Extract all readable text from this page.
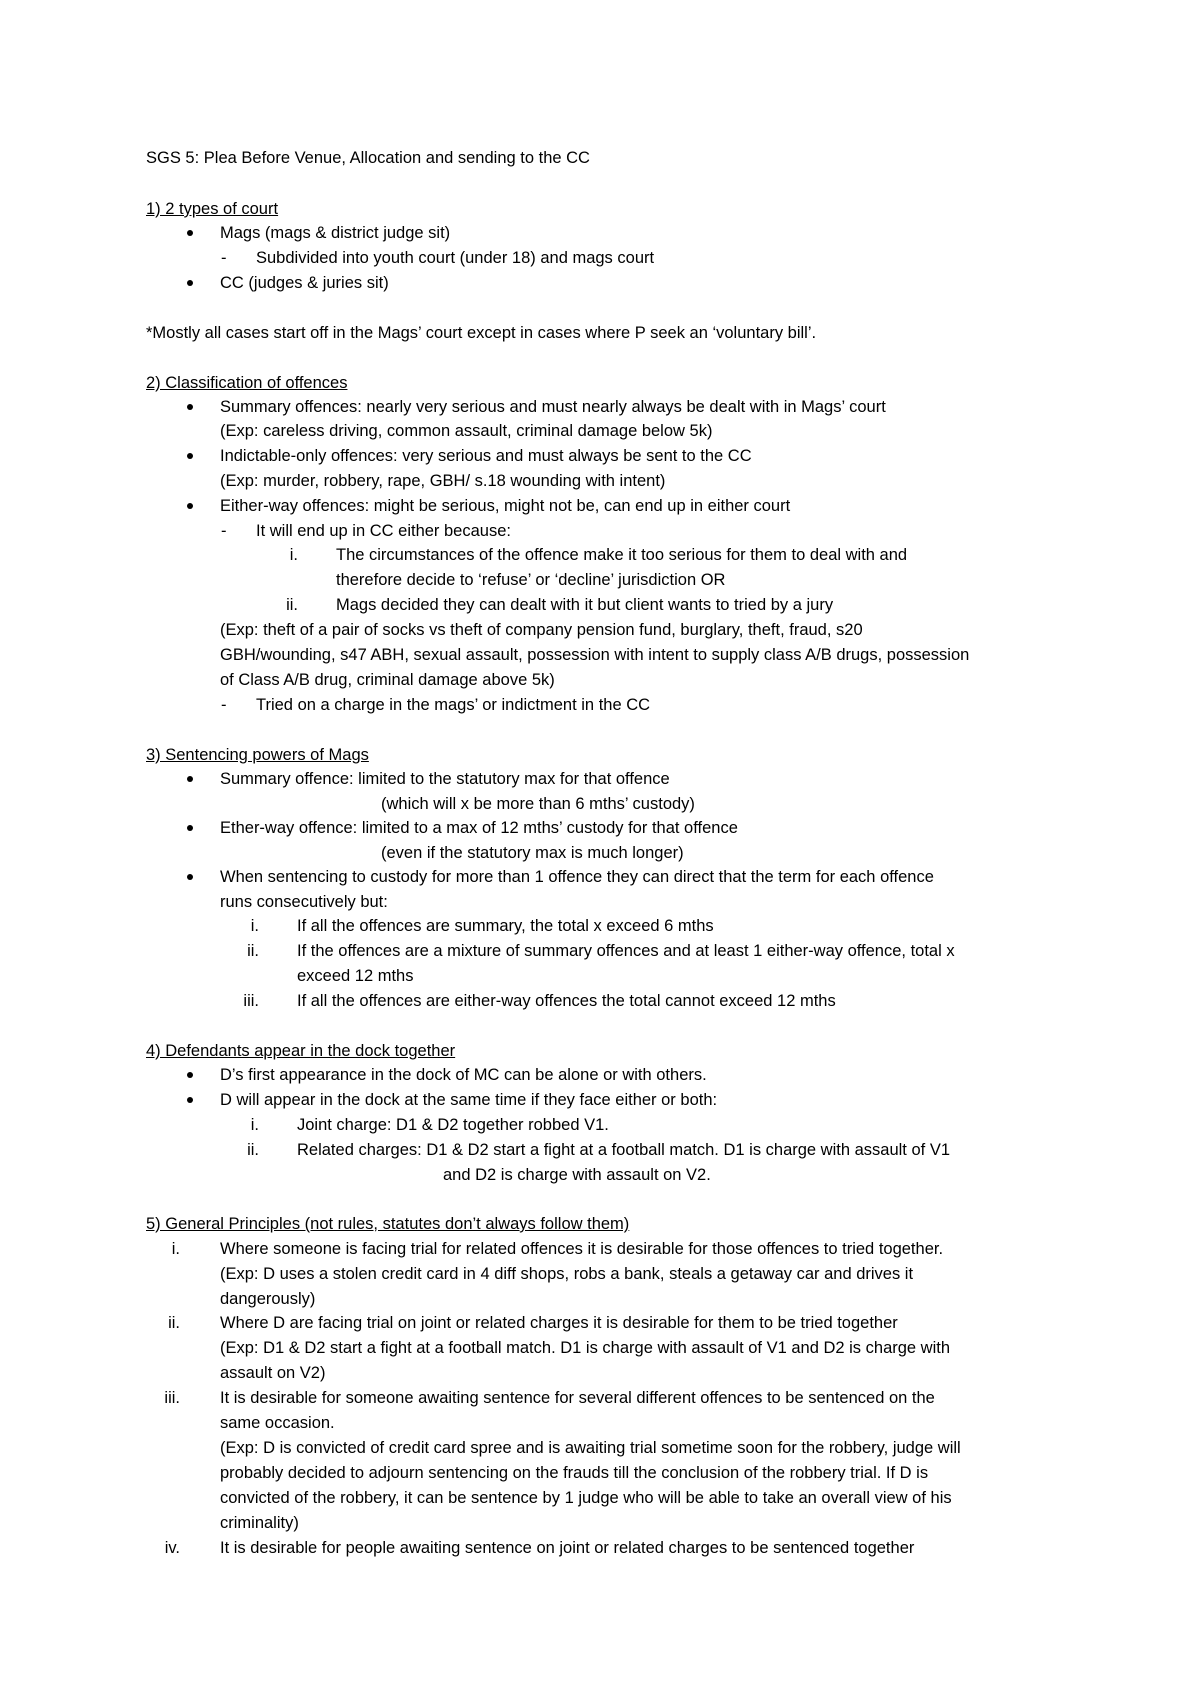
SGS 5: Plea Before Venue, Allocation and sending to the CC
1) 2 types of court
Mags (mags & district judge sit)
- Subdivided into youth court (under 18) and mags court
CC (judges & juries sit)
*Mostly all cases start off in the Mags’ court except in cases where P seek an ‘voluntary bill’.
2) Classification of offences
Summary offences: nearly very serious and must nearly always be dealt with in Mags’ court
(Exp: careless driving, common assault, criminal damage below 5k)
Indictable-only offences: very serious and must always be sent to the CC
(Exp: murder, robbery, rape, GBH/ s.18 wounding with intent)
Either-way offences: might be serious, might not be, can end up in either court
- It will end up in CC either because:
i. The circumstances of the offence make it too serious for them to deal with and
therefore decide to ‘refuse’ or ‘decline’ jurisdiction OR
ii. Mags decided they can dealt with it but client wants to tried by a jury
(Exp: theft of a pair of socks vs theft of company pension fund, burglary, theft, fraud, s20
GBH/wounding, s47 ABH, sexual assault, possession with intent to supply class A/B drugs, possession
of Class A/B drug, criminal damage above 5k)
- Tried on a charge in the mags’ or indictment in the CC
3) Sentencing powers of Mags
Summary offence: limited to the statutory max for that offence
(which will x be more than 6 mths’ custody)
Ether-way offence: limited to a max of 12 mths’ custody for that offence
(even if the statutory max is much longer)
When sentencing to custody for more than 1 offence they can direct that the term for each offence
runs consecutively but:
i. If all the offences are summary, the total x exceed 6 mths
ii. If the offences are a mixture of summary offences and at least 1 either-way offence, total x
exceed 12 mths
iii. If all the offences are either-way offences the total cannot exceed 12 mths
4) Defendants appear in the dock together
D’s first appearance in the dock of MC can be alone or with others.
D will appear in the dock at the same time if they face either or both:
i. Joint charge: D1 & D2 together robbed V1.
ii. Related charges: D1 & D2 start a fight at a football match. D1 is charge with assault of V1
and D2 is charge with assault on V2.
5) General Principles (not rules, statutes don’t always follow them)
i. Where someone is facing trial for related offences it is desirable for those offences to tried together.
(Exp: D uses a stolen credit card in 4 diff shops, robs a bank, steals a getaway car and drives it
dangerously)
ii. Where D are facing trial on joint or related charges it is desirable for them to be tried together
(Exp: D1 & D2 start a fight at a football match. D1 is charge with assault of V1 and D2 is charge with
assault on V2)
iii. It is desirable for someone awaiting sentence for several different offences to be sentenced on the
same occasion.
(Exp: D is convicted of credit card spree and is awaiting trial sometime soon for the robbery, judge will
probably decided to adjourn sentencing on the frauds till the conclusion of the robbery trial. If D is
convicted of the robbery, it can be sentence by 1 judge who will be able to take an overall view of his
criminality)
iv. It is desirable for people awaiting sentence on joint or related charges to be sentenced together
